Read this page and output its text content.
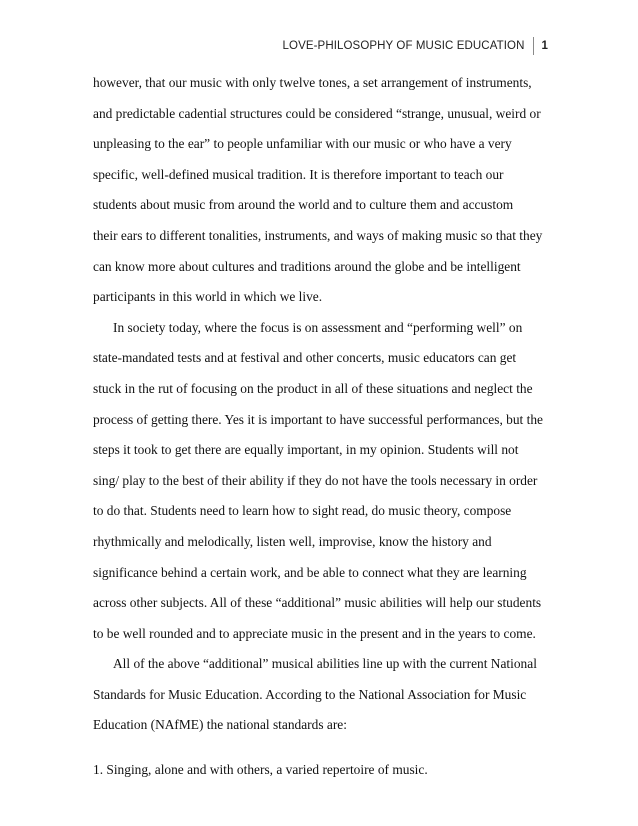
LOVE-PHILOSOPHY OF MUSIC EDUCATION	1
however, that our music with only twelve tones, a set arrangement of instruments,
and predictable cadential structures could be considered “strange, unusual, weird or
unpleasing to the ear” to people unfamiliar with our music or who have a very
specific, well-defined musical tradition. It is therefore important to teach our
students about music from around the world and to culture them and accustom
their ears to different tonalities, instruments, and ways of making music so that they
can know more about cultures and traditions around the globe and be intelligent
participants in this world in which we live.
In society today, where the focus is on assessment and “performing well” on
state-mandated tests and at festival and other concerts, music educators can get
stuck in the rut of focusing on the product in all of these situations and neglect the
process of getting there. Yes it is important to have successful performances, but the
steps it took to get there are equally important, in my opinion. Students will not
sing/ play to the best of their ability if they do not have the tools necessary in order
to do that. Students need to learn how to sight read, do music theory, compose
rhythmically and melodically, listen well, improvise, know the history and
significance behind a certain work, and be able to connect what they are learning
across other subjects. All of these “additional” music abilities will help our students
to be well rounded and to appreciate music in the present and in the years to come.
All of the above “additional” musical abilities line up with the current National
Standards for Music Education. According to the National Association for Music
Education (NAfME) the national standards are:
1. Singing, alone and with others, a varied repertoire of music.
